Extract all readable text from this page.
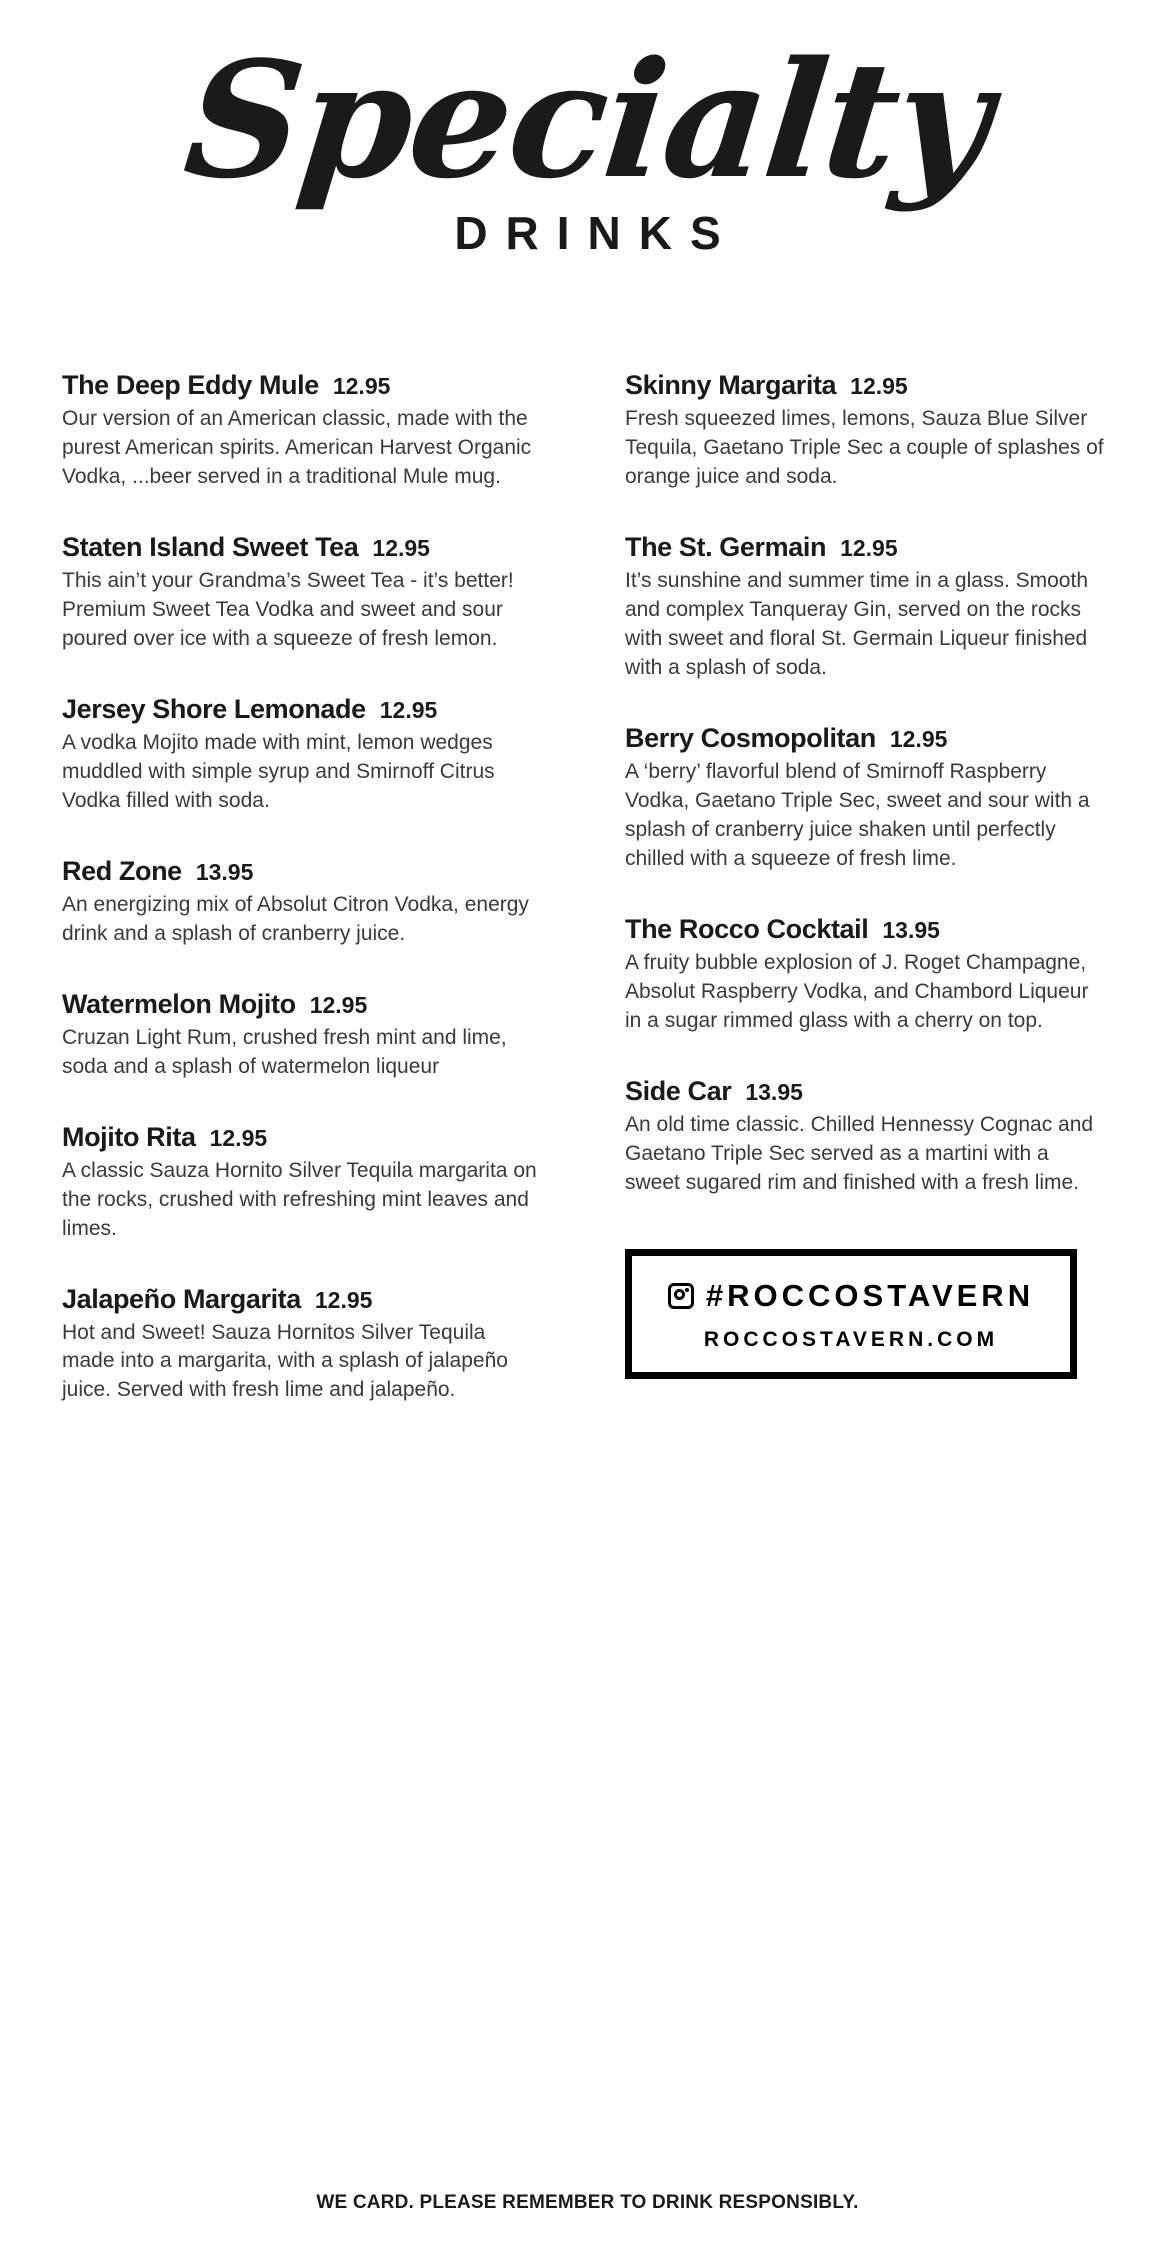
Specialty
DRINKS
The Deep Eddy Mule 12.95
Our version of an American classic, made with the purest American spirits. American Harvest Organic Vodka, ...beer served in a traditional Mule mug.
Staten Island Sweet Tea 12.95
This ain’t your Grandma’s Sweet Tea - it’s better! Premium Sweet Tea Vodka and sweet and sour poured over ice with a squeeze of fresh lemon.
Jersey Shore Lemonade 12.95
A vodka Mojito made with mint, lemon wedges muddled with simple syrup and Smirnoff Citrus Vodka filled with soda.
Red Zone 13.95
An energizing mix of Absolut Citron Vodka, energy drink and a splash of cranberry juice.
Watermelon Mojito 12.95
Cruzan Light Rum, crushed fresh mint and lime, soda and a splash of watermelon liqueur
Mojito Rita 12.95
A classic Sauza Hornito Silver Tequila margarita on the rocks, crushed with refreshing mint leaves and limes.
Jalapeño Margarita 12.95
Hot and Sweet! Sauza Hornitos Silver Tequila made into a margarita, with a splash of jalapeño juice. Served with fresh lime and jalapeño.
Skinny Margarita 12.95
Fresh squeezed limes, lemons, Sauza Blue Silver Tequila, Gaetano Triple Sec a couple of splashes of orange juice and soda.
The St. Germain 12.95
It’s sunshine and summer time in a glass. Smooth and complex Tanqueray Gin, served on the rocks with sweet and floral St. Germain Liqueur finished with a splash of soda.
Berry Cosmopolitan 12.95
A ‘berry’ flavorful blend of Smirnoff Raspberry Vodka, Gaetano Triple Sec, sweet and sour with a splash of cranberry juice shaken until perfectly chilled with a squeeze of fresh lime.
The Rocco Cocktail 13.95
A fruity bubble explosion of J. Roget Champagne, Absolut Raspberry Vodka, and Chambord Liqueur in a sugar rimmed glass with a cherry on top.
Side Car 13.95
An old time classic. Chilled Hennessy Cognac and Gaetano Triple Sec served as a martini with a sweet sugared rim and finished with a fresh lime.
#ROCCOSTAVERN
ROCCOSTAVERN.COM
WE CARD. PLEASE REMEMBER TO DRINK RESPONSIBLY.
